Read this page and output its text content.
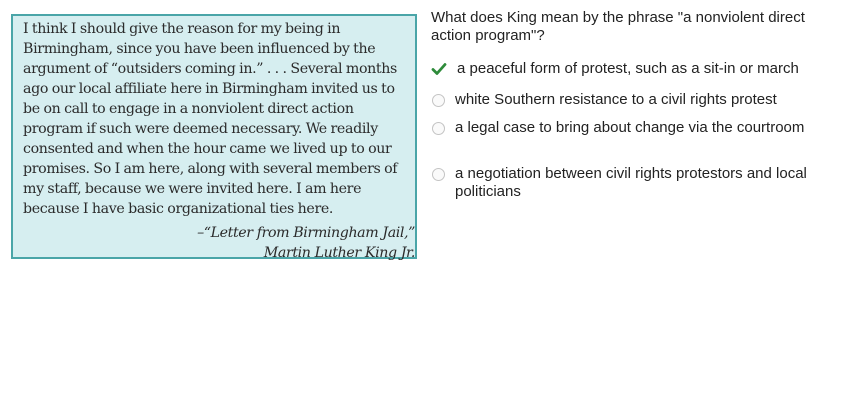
I think I should give the reason for my being in Birmingham, since you have been influenced by the argument of “outsiders coming in.” . . . Several months ago our local affiliate here in Birmingham invited us to be on call to engage in a nonviolent direct action program if such were deemed necessary. We readily consented and when the hour came we lived up to our promises. So I am here, along with several members of my staff, because we were invited here. I am here because I have basic organizational ties here.

–“Letter from Birmingham Jail,”
Martin Luther King Jr.
What does King mean by the phrase "a nonviolent direct action program"?
a peaceful form of protest, such as a sit-in or march
white Southern resistance to a civil rights protest
a legal case to bring about change via the courtroom
a negotiation between civil rights protestors and local politicians
